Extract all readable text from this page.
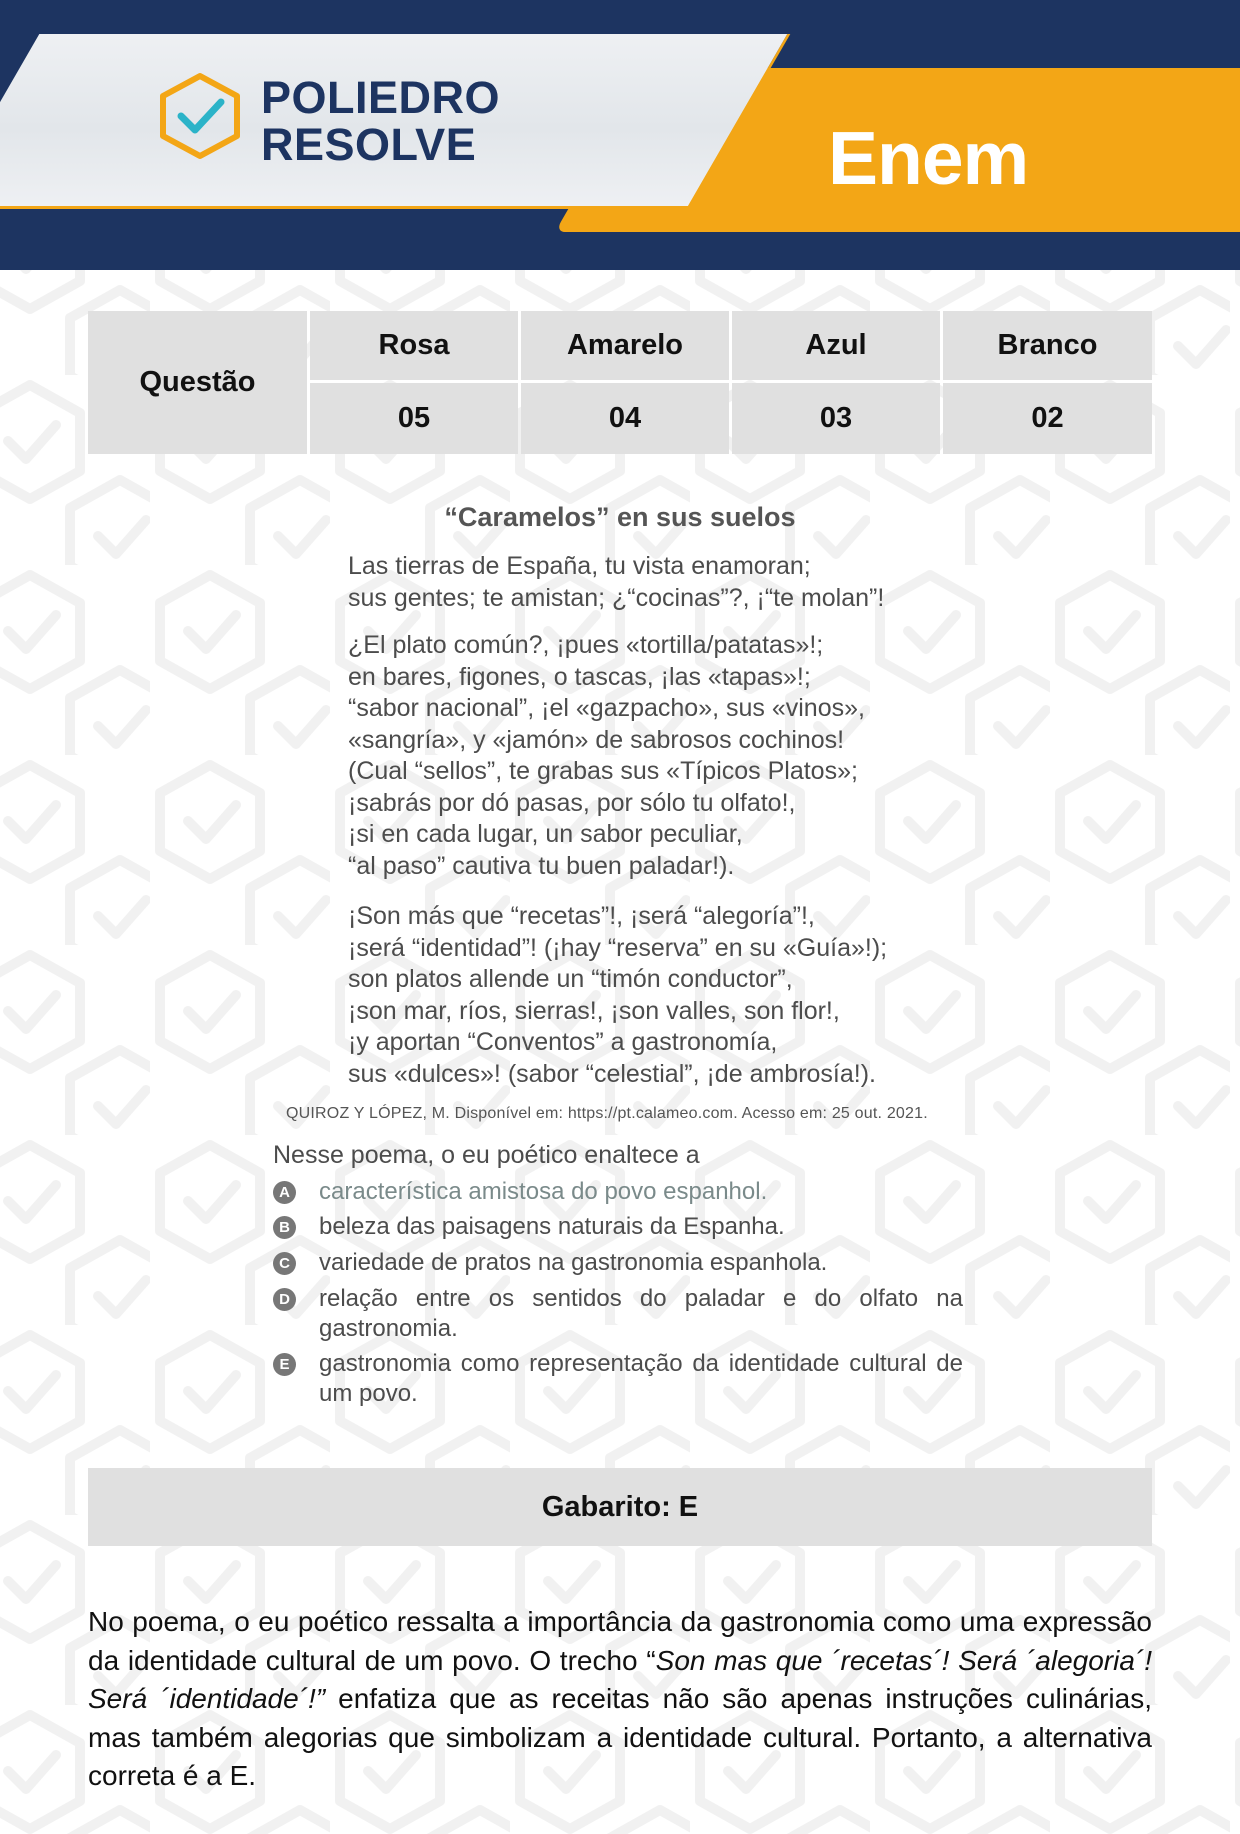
POLIEDRO
RESOLVE	Enem
Questão
Rosa	Amarelo	Azul	Branco
05	04	03	02
“Caramelos” en sus suelos
Las tierras de España, tu vista enamoran;
sus gentes; te amistan; ¿“cocinas”?, ¡“te molan”!
¿El plato común?, ¡pues «tortilla/patatas»!;
en bares, figones, o tascas, ¡las «tapas»!;
“sabor nacional”, ¡el «gazpacho», sus «vinos»,
«sangría», y «jamón» de sabrosos cochinos!
(Cual “sellos”, te grabas sus «Típicos Platos»;
¡sabrás por dó pasas, por sólo tu olfato!,
¡si en cada lugar, un sabor peculiar,
“al paso” cautiva tu buen paladar!).
¡Son más que “recetas”!, ¡será “alegoría”!,
¡será “identidad”! (¡hay “reserva” en su «Guía»!);
son platos allende un “timón conductor”,
¡son mar, ríos, sierras!, ¡son valles, son flor!,
¡y aportan “Conventos” a gastronomía,
sus «dulces»! (sabor “celestial”, ¡de ambrosía!).
QUIROZ Y LÓPEZ, M. Disponível em: https://pt.calameo.com. Acesso em: 25 out. 2021.
Nesse poema, o eu poético enaltece a
A característica amistosa do povo espanhol.
B beleza das paisagens naturais da Espanha.
C variedade de pratos na gastronomia espanhola.
D relação entre os sentidos do paladar e do olfato na gastronomia.
E gastronomia como representação da identidade cultural de um povo.
Gabarito: E
No poema, o eu poético ressalta a importância da gastronomia como uma expressão da identidade cultural de um povo. O trecho “Son mas que ´recetas´! Será ´alegoria´! Será ´identidade´!” enfatiza que as receitas não são apenas instruções culinárias, mas também alegorias que simbolizam a identidade cultural. Portanto, a alternativa correta é a E.
